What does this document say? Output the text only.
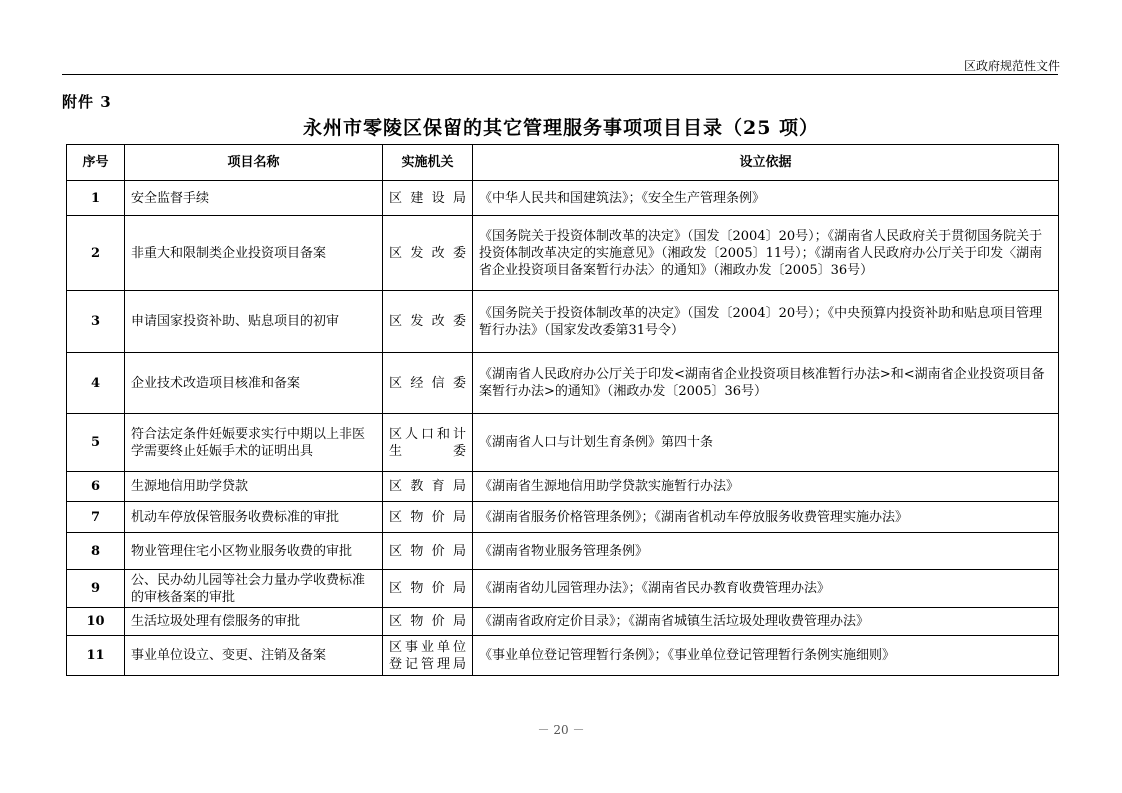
区政府规范性文件
附件 3
永州市零陵区保留的其它管理服务事项项目目录（25 项）
序号	项目名称	实施机关	设立依据
1	安全监督手续	区建设局	《中华人民共和国建筑法》；《安全生产管理条例》
2	非重大和限制类企业投资项目备案	区发改委	《国务院关于投资体制改革的决定》（国发〔2004〕20号）；《湖南省人民政府关于贯彻国务院关于投资体制改革决定的实施意见》（湘政发〔2005〕11号）；《湖南省人民政府办公厅关于印发〈湖南省企业投资项目备案暂行办法〉的通知》（湘政办发〔2005〕36号）
3	申请国家投资补助、贴息项目的初审	区发改委	《国务院关于投资体制改革的决定》（国发〔2004〕20号）；《中央预算内投资补助和贴息项目管理暂行办法》（国家发改委第31号令）
4	企业技术改造项目核准和备案	区经信委	《湖南省人民政府办公厅关于印发<湖南省企业投资项目核准暂行办法>和<湖南省企业投资项目备案暂行办法>的通知》（湘政办发〔2005〕36号）
5	符合法定条件妊娠要求实行中期以上非医学需要终止妊娠手术的证明出具	区人口和计生委	《湖南省人口与计划生育条例》第四十条
6	生源地信用助学贷款	区教育局	《湖南省生源地信用助学贷款实施暂行办法》
7	机动车停放保管服务收费标准的审批	区物价局	《湖南省服务价格管理条例》；《湖南省机动车停放服务收费管理实施办法》
8	物业管理住宅小区物业服务收费的审批	区物价局	《湖南省物业服务管理条例》
9	公、民办幼儿园等社会力量办学收费标准的审核备案的审批	区物价局	《湖南省幼儿园管理办法》；《湖南省民办教育收费管理办法》
10	生活垃圾处理有偿服务的审批	区物价局	《湖南省政府定价目录》；《湖南省城镇生活垃圾处理收费管理办法》
11	事业单位设立、变更、注销及备案	区事业单位登记管理局	《事业单位登记管理暂行条例》；《事业单位登记管理暂行条例实施细则》
－ 20 －
